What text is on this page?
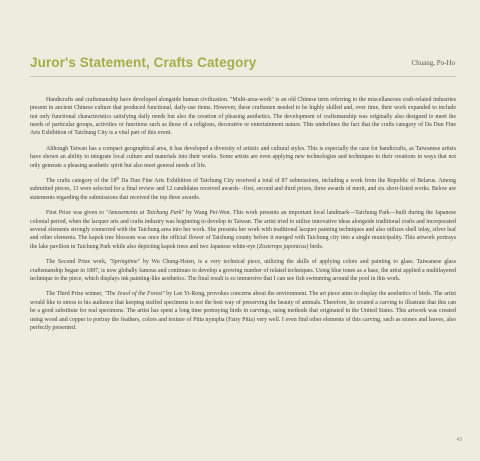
Juror's Statement, Crafts Category	Chuang, Po-Ho

Handicrafts and craftsmanship have developed alongside human civilization. "Multi-area-work" is an old Chinese term referring to the miscellaneous craft-related industries present in ancient Chinese culture that produced functional, daily-use items. However, these craftsmen needed to be highly skilled and, over time, their work expanded to include not only functional characteristics satisfying daily needs but also the creation of pleasing aesthetics. The development of craftsmanship was originally also designed to meet the needs of particular groups, activities or functions such as those of a religious, decorative or entertainment nature. This underlines the fact that the crafts category of Da Dun Fine Arts Exhibition of Taichung City is a vital part of this event.

Although Taiwan has a compact geographical area, it has developed a diversity of artistic and cultural styles. This is especially the case for handicrafts, as Taiwanese artists have shown an ability to integrate local culture and materials into their works. Some artists are even applying new technologies and techniques to their creations in ways that not only generate a pleasing aesthetic spirit but also meet general needs of life.

The crafts category of the 18th Da Dun Fine Arts Exhibition of Taichung City received a total of 87 submissions, including a work from the Republic of Belarus. Among submitted pieces, 13 were selected for a final review and 12 candidates received awards- -first, second and third prizes, three awards of merit, and six short-listed works. Below are statements regarding the submissions that received the top three awards.

First Prize was given to "Amusements at Taichung Park" by Wang Pei-Wen. This work presents an important local landmark—Taichung Park—built during the Japanese colonial period, when the lacquer arts and crafts industry was beginning to develop in Taiwan. The artist tried to utilize innovative ideas alongside traditional crafts and incorporated several elements strongly connected with the Taichung area into her work. She presents her work with traditional lacquer painting techniques and also utilizes shell inlay, silver leaf and other elements. The kapok tree blossom was once the official flower of Taichung county before it merged with Taichung city into a single municipality. This artwork portrays the lake pavilion in Taichung Park while also depicting kapok trees and two Japanese white-eye (Zosterops japonicus) birds.

The Second Prize work, "Springtime" by Wu Chung-Hsien, is a very technical piece, utilizing the skills of applying colors and painting to glass. Taiwanese glass craftsmanship began in 1887, is now globally famous and continues to develop a growing number of related techniques. Using blue tones as a base, the artist applied a multilayered technique to the piece, which displays ink painting-like aesthetics. The final result is so immersive that I can see fish swimming around the pool in this work.

The Third Prize winner, "The Jewel of the Forest" by Lee Yi-Rong, provokes concerns about the environment. The art piece aims to display the aesthetics of birds. The artist would like to stress to his audience that keeping stuffed specimens is not the best way of preserving the beauty of animals. Therefore, he created a carving to illustrate that this can be a good substitute for real specimens. The artist has spent a long time portraying birds in carvings, using methods that originated in the United States. This artwork was created using wood and copper to portray the feathers, colors and texture of Pitta nympha (Fairy Pitta) very well. I even find other elements of this carving, such as stones and leaves, also perfectly presented.

43
